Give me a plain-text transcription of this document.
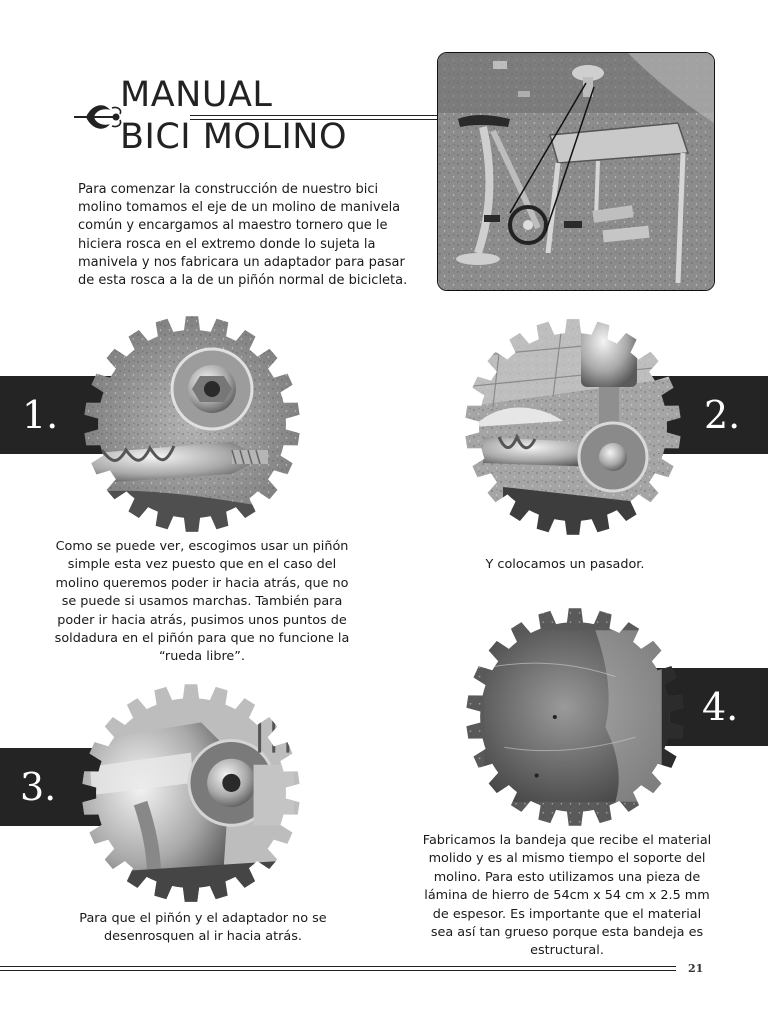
MANUAL
BICI MOLINO
Para comenzar la construcción de nuestro bici molino tomamos el eje de un molino de manivela común y encargamos al maestro tornero que le hiciera rosca en el extremo donde lo sujeta la manivela y nos fabricara un adaptador para pasar de esta rosca a la de un piñón normal de bicicleta.
1.
Como se puede ver, escogimos usar un piñón simple esta vez puesto que en el caso del molino queremos poder ir hacia atrás, que no se puede si usamos marchas. También para poder ir hacia atrás, pusimos unos puntos de soldadura en el piñón para que no funcione la “rueda libre”.
2.
Y colocamos un pasador.
3.
Para que el piñón y el adaptador no se desenrosquen al ir hacia atrás.
4.
Fabricamos la bandeja que recibe el material molido y es al mismo tiempo el soporte del molino. Para esto utilizamos una pieza de lámina de hierro de 54cm x 54 cm x 2.5 mm de espesor. Es importante que el material sea así tan grueso porque esta bandeja es estructural.
21
